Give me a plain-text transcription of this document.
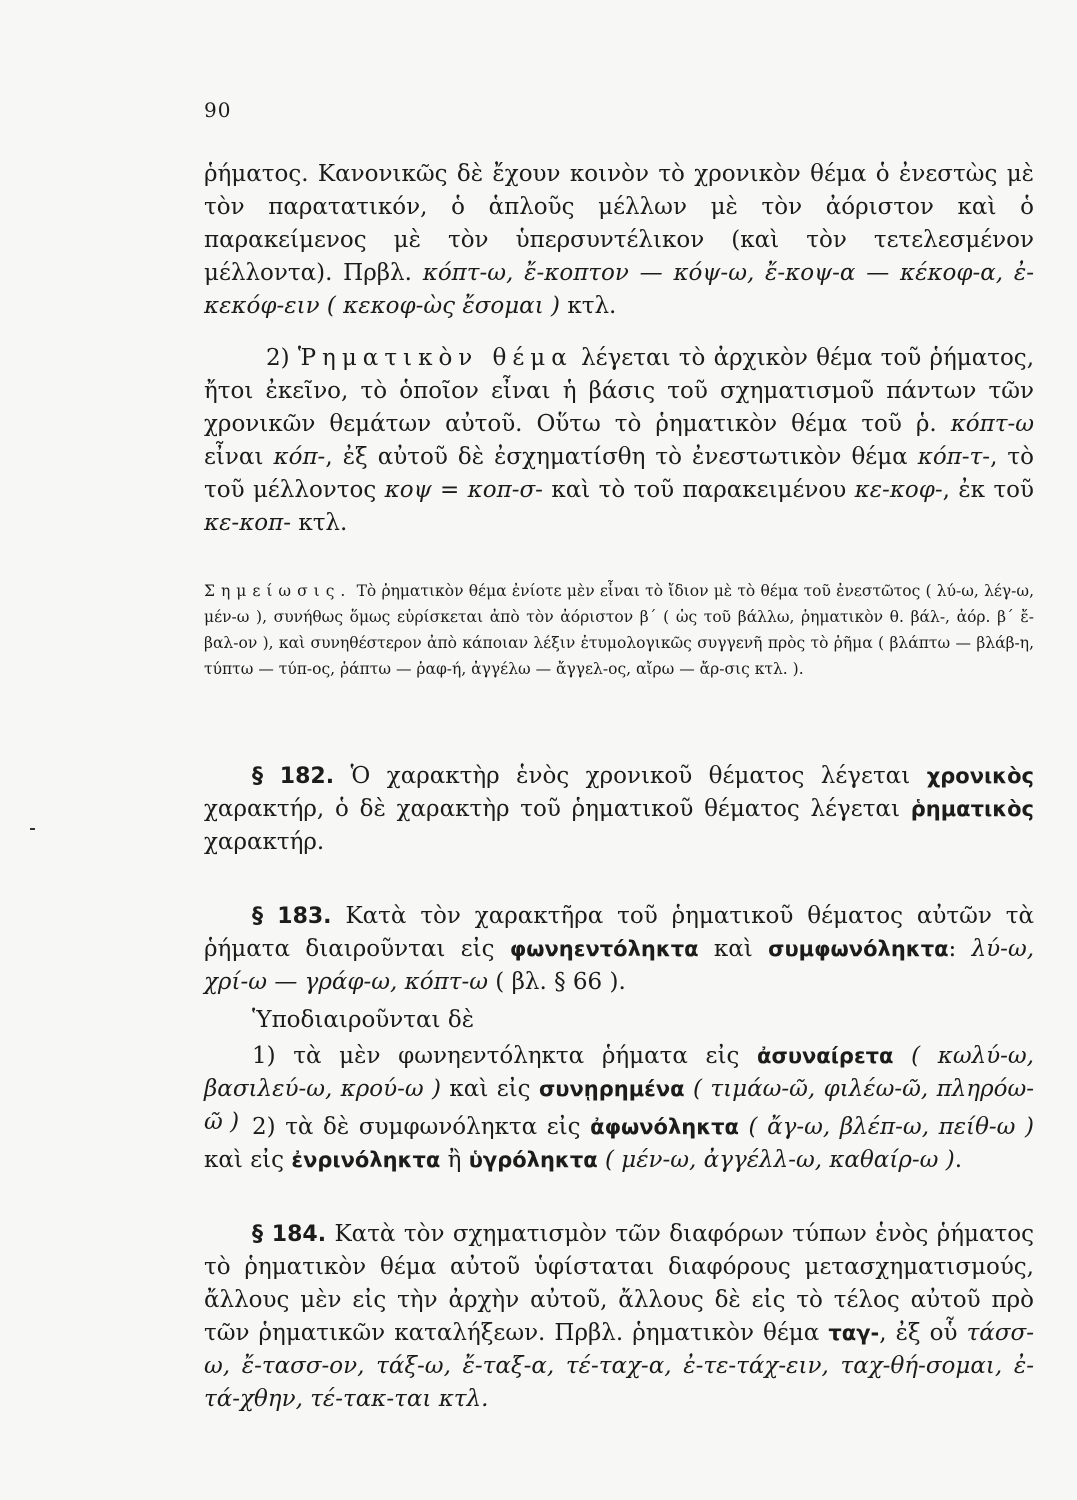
90

ῥήματος. Κανονικῶς δὲ ἔχουν κοινὸν τὸ χρονικὸν θέμα ὁ ἐνεστὼς μὲ τὸν παρατατικόν, ὁ ἁπλοῦς μέλλων μὲ τὸν ἀόριστον καὶ ὁ παρακείμενος μὲ τὸν ὑπερσυντέλικον (καὶ τὸν τετελεσμένον μέλλοντα). Πρβλ. κόπτ-ω, ἔ-κοπτον — κόψ-ω, ἔ-κοψ-α — κέκοφ-α, ἐ-κεκόφ-ειν ( κεκοφ-ὼς ἔσομαι ) κτλ.

2) Ῥηματικὸν θέμα λέγεται τὸ ἀρχικὸν θέμα τοῦ ῥήματος, ἤτοι ἐκεῖνο, τὸ ὁποῖον εἶναι ἡ βάσις τοῦ σχηματισμοῦ πάντων τῶν χρονικῶν θεμάτων αὐτοῦ. Οὕτω τὸ ῥηματικὸν θέμα τοῦ ῥ. κόπτ-ω εἶναι κόπ-, ἐξ αὐτοῦ δὲ ἐσχηματίσθη τὸ ἐνεστωτικὸν θέμα κόπ-τ-, τὸ τοῦ μέλλοντος κοψ = κοπ-σ- καὶ τὸ τοῦ παρακειμένου κε-κοφ-, ἐκ τοῦ κε-κοπ- κτλ.

Σημείωσις. Τὸ ῥηματικὸν θέμα ἐνίοτε μὲν εἶναι τὸ ἴδιον μὲ τὸ θέμα τοῦ ἐνεστῶτος ( λύ-ω, λέγ-ω, μέν-ω ), συνήθως ὅμως εὑρίσκεται ἀπὸ τὸν ἀόριστον β΄ ( ὡς τοῦ βάλλω, ῥηματικὸν θ. βάλ-, ἀόρ. β΄ ἔ-βαλ-ον ), καὶ συνηθέστερον ἀπὸ κάποιαν λέξιν ἐτυμολογικῶς συγγενῆ πρὸς τὸ ῥῆμα ( βλάπτω — βλάβ-η, τύπτω — τύπ-ος, ῥάπτω — ῥαφ-ή, ἀγγέλω — ἄγγελ-ος, αἴρω — ἄρ-σις κτλ. ).

§ 182. Ὁ χαρακτὴρ ἑνὸς χρονικοῦ θέματος λέγεται χρονικὸς χαρακτήρ, ὁ δὲ χαρακτὴρ τοῦ ῥηματικοῦ θέματος λέγεται ῥηματικὸς χαρακτήρ.

§ 183. Κατὰ τὸν χαρακτῆρα τοῦ ῥηματικοῦ θέματος αὐτῶν τὰ ῥήματα διαιροῦνται εἰς φωνηεντόληκτα καὶ συμφωνόληκτα: λύ-ω, χρί-ω — γράφ-ω, κόπτ-ω ( βλ. § 66 ).

Ὑποδιαιροῦνται δὲ

1) τὰ μὲν φωνηεντόληκτα ῥήματα εἰς ἀσυναίρετα ( κωλύ-ω, βασιλεύ-ω, κρού-ω ) καὶ εἰς συνῃρημένα ( τιμάω-ῶ, φιλέω-ῶ, πληρόω-ῶ ) 2) τὰ δὲ συμφωνόληκτα εἰς ἀφωνόληκτα ( ἄγ-ω, βλέπ-ω, πείθ-ω ) καὶ εἰς ἐνρινόληκτα ἢ ὑγρόληκτα ( μέν-ω, ἀγγέλλ-ω, καθαίρ-ω ).

§ 184. Κατὰ τὸν σχηματισμὸν τῶν διαφόρων τύπων ἑνὸς ῥήματος τὸ ῥηματικὸν θέμα αὐτοῦ ὑφίσταται διαφόρους μετασχηματισμούς, ἄλλους μὲν εἰς τὴν ἀρχὴν αὐτοῦ, ἄλλους δὲ εἰς τὸ τέλος αὐτοῦ πρὸ τῶν ῥηματικῶν καταλήξεων. Πρβλ. ῥηματικὸν θέμα ταγ-, ἐξ οὗ τάσσ-ω, ἔ-τασσ-ον, τάξ-ω, ἔ-ταξ-α, τέ-ταχ-α, ἐ-τε-τάχ-ειν, ταχ-θή-σομαι, ἐ-τά-χθην, τέ-τακ-ται κτλ.
